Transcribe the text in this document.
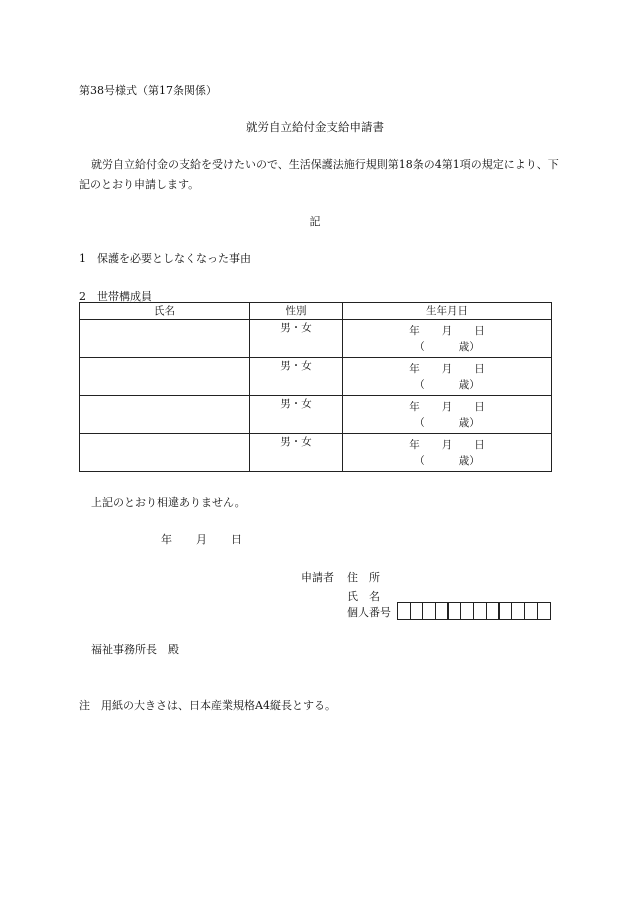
第38号様式（第17条関係）
就労自立給付金支給申請書
就労自立給付金の支給を受けたいので、生活保護法施行規則第18条の4第1項の規定により、下記のとおり申請します。
記
1　保護を必要としなくなった事由
2　世帯構成員
氏名	性別	生年月日
	男・女	年 月 日
（ 歳）

	男・女	年 月 日
（ 歳）

	男・女	年 月 日
（ 歳）

	男・女	年 月 日
（ 歳）
上記のとおり相違ありません。
年 月 日
申請者 住　所
氏　名
個人番号
福祉事務所長　殿
注　用紙の大きさは、日本産業規格A4縦長とする。
